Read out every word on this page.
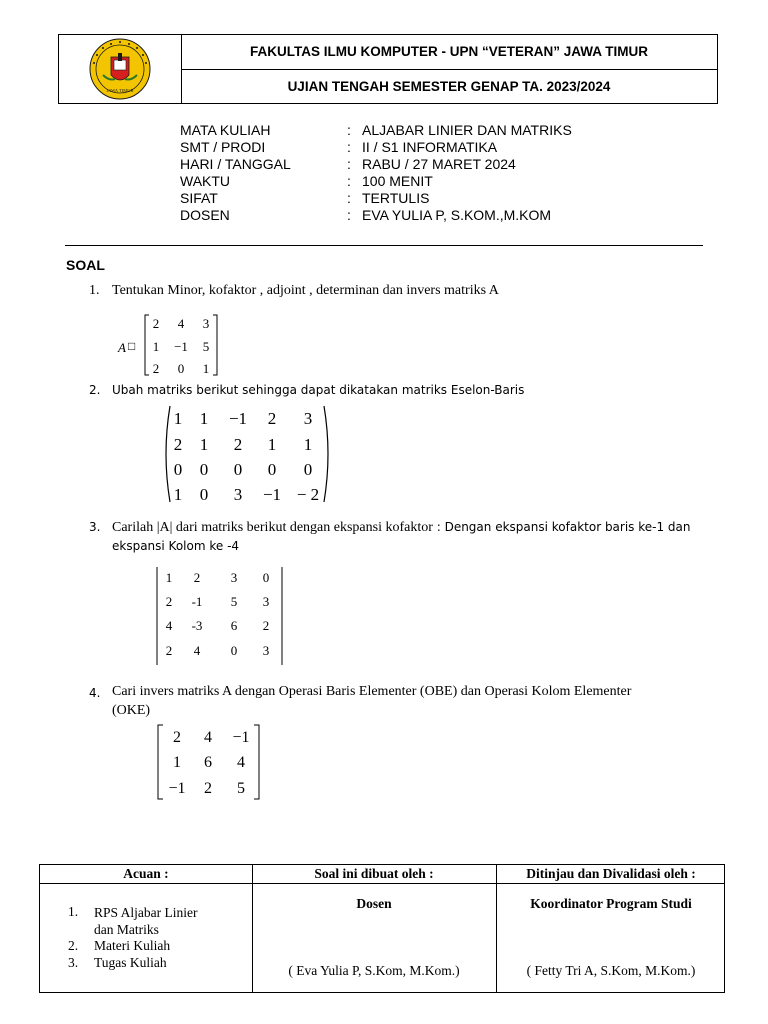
JAWA TIMUR
FAKULTAS ILMU KOMPUTER - UPN “VETERAN” JAWA TIMUR
UJIAN TENGAH SEMESTER GENAP TA. 2023/2024
MATA KULIAH	: ALJABAR LINIER DAN MATRIKS
SMT / PRODI	: II / S1 INFORMATIKA
HARI / TANGGAL	: RABU / 27 MARET 2024
WAKTU	: 100 MENIT
SIFAT	: TERTULIS
DOSEN	: EVA YULIA P, S.KOM.,M.KOM
SOAL
1. Tentukan Minor, kofaktor , adjoint , determinan dan invers matriks A
A □
2 4 3
1 −1 5
2 0 1
2. Ubah matriks berikut sehingga dapat dikatakan matriks Eselon-Baris
1 1 −1 2 3
2 1 2 1 1
0 0 0 0 0
1 0 3 −1 − 2
3. Carilah |A| dari matriks berikut dengan ekspansi kofaktor : Dengan ekspansi kofaktor baris ke-1 dan
ekspansi Kolom ke -4
1 2 3 0
2 -1 5 3
4 -3 6 2
2 4 0 3
4. Cari invers matriks A dengan Operasi Baris Elementer (OBE) dan Operasi Kolom Elementer
(OKE)
2 4 −1
1 6 4
−1 2 5
Acuan :	Soal ini dibuat oleh :	Ditinjau dan Divalidasi oleh :
1. RPS Aljabar Linier
dan Matriks
2. Materi Kuliah
3. Tugas Kuliah
Dosen
( Eva Yulia P, S.Kom, M.Kom.)
Koordinator Program Studi
( Fetty Tri A, S.Kom, M.Kom.)
